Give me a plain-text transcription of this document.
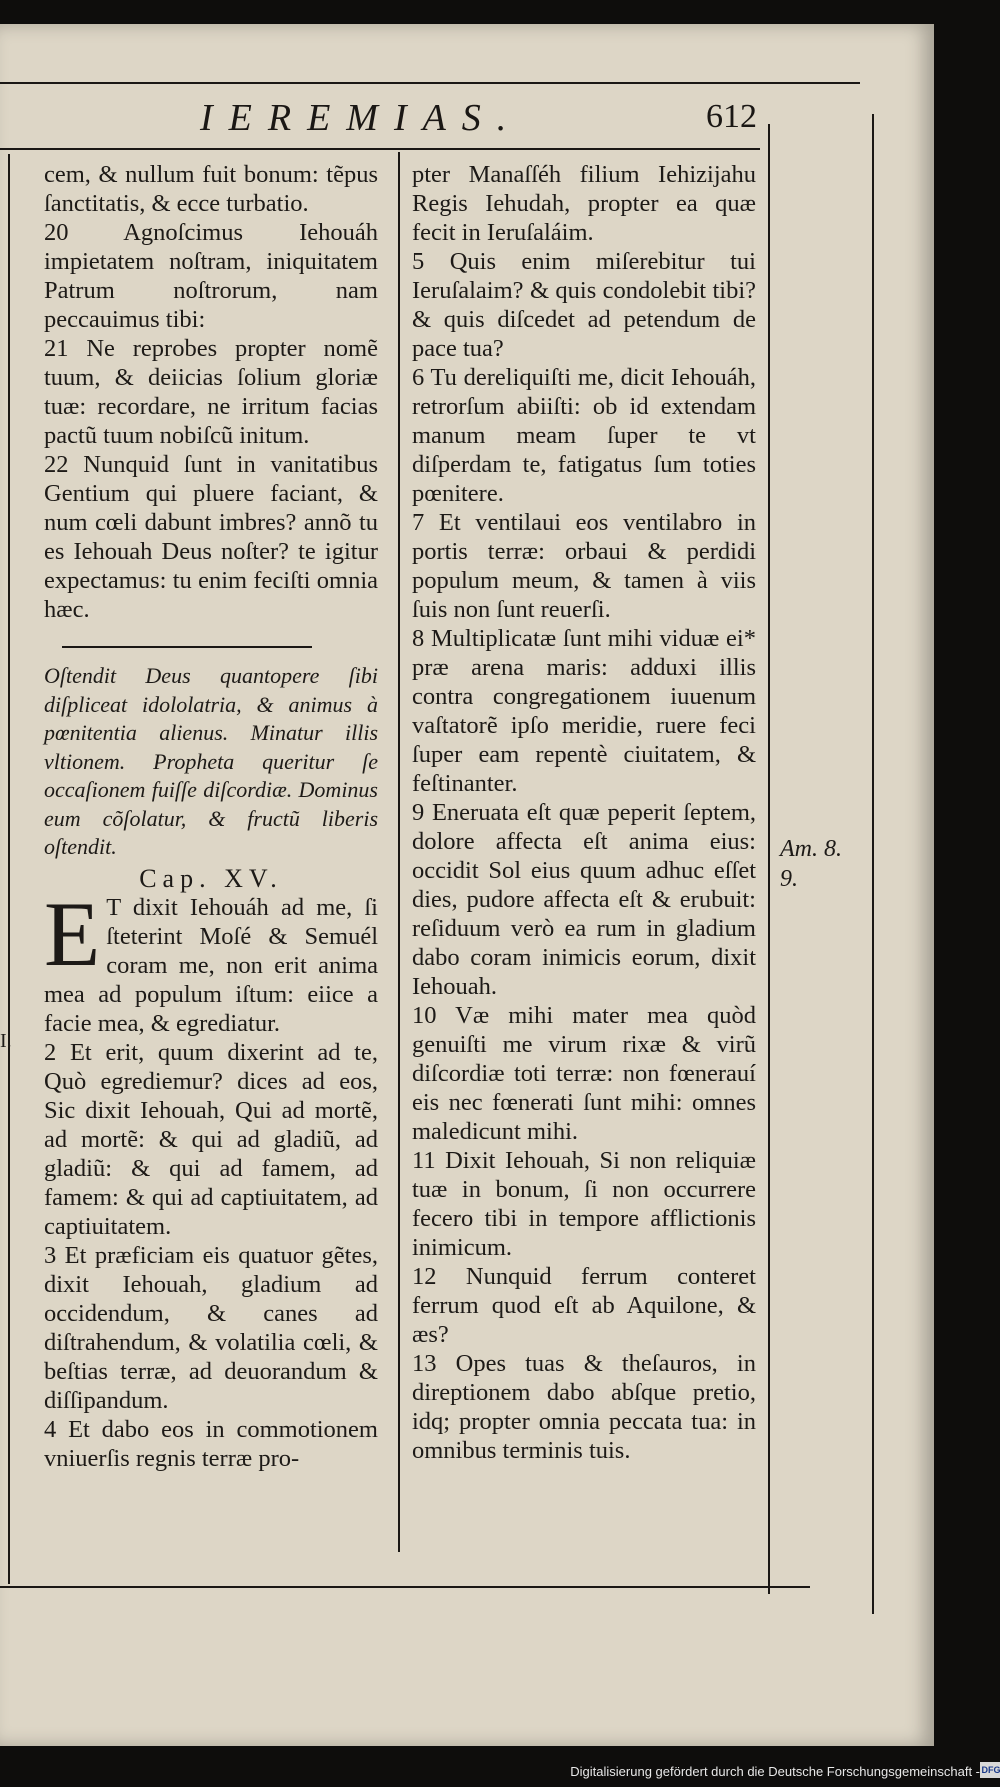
IEREMIAS.	612

cem, & nullum fuit bonum: tẽpus ſanctitatis, & ecce turbatio.

20 Agnoſcimus Iehouáh impietatem noſtram, iniquitatem Patrum noſtrorum, nam peccauimus tibi:

21 Ne reprobes propter nomẽ tuum, & deiicias ſolium gloriæ tuæ: recordare, ne irritum facias pactũ tuum nobiſcũ initum.

22 Nunquid ſunt in vanitatibus Gentium qui pluere faciant, & num cœli dabunt imbres? annõ tu es Iehouah Deus noſter? te igitur expectamus: tu enim feciſti omnia hæc.

Oſtendit Deus quantopere ſibi diſpliceat idololatria, & animus à pœnitentia alienus. Minatur illis vltionem. Propheta queritur ſe occaſionem fuiſſe diſcordiæ. Dominus eum cõſolatur, & fructũ liberis oſtendit.

Cap. XV.

E T dixit Iehouáh ad me, ſi ſteterint Moſé & Semuél coram me, non erit anima mea ad populum iſtum: eiice a facie mea, & egrediatur.

2 Et erit, quum dixerint ad te, Quò egrediemur? dices ad eos, Sic dixit Iehouah, Qui ad mortẽ, ad mortẽ: & qui ad gladiũ, ad gladiũ: & qui ad famem, ad famem: & qui ad captiuitatem, ad captiuitatem.

3 Et præficiam eis quatuor gẽtes, dixit Iehouah, gladium ad occidendum, & canes ad diſtrahendum, & volatilia cœli, & beſtias terræ, ad deuorandum & diſſipandum.

4 Et dabo eos in commotionem vniuerſis regnis terræ pro-

pter Manaſſéh filium Iehizijahu Regis Iehudah, propter ea quæ fecit in Ieruſaláim.

5 Quis enim miſerebitur tui Ieruſalaim? & quis condolebit tibi? & quis diſcedet ad petendum de pace tua?

6 Tu dereliquiſti me, dicit Iehouáh, retrorſum abiiſti: ob id extendam manum meam ſuper te vt diſperdam te, fatigatus ſum toties pœnitere.

7 Et ventilaui eos ventilabro in portis terræ: orbaui & perdidi populum meum, & tamen à viis ſuis non ſunt reuerſi.

8 Multiplicatæ ſunt mihi viduæ ei* præ arena maris: adduxi illis contra congregationem iuuenum vaſtatorẽ ipſo meridie, ruere feci ſuper eam repentè ciuitatem, & feſtinanter.

9 Eneruata eſt quæ peperit ſeptem, dolore affecta eſt anima eius: occidit Sol eius quum adhuc eſſet dies, pudore affecta eſt & erubuit: reſiduum verò ea rum in gladium dabo coram inimicis eorum, dixit Iehouah.

10 Væ mihi mater mea quòd genuiſti me virum rixæ & virũ diſcordiæ toti terræ: non fœnerauí eis nec fœnerati ſunt mihi: omnes maledicunt mihi.

11 Dixit Iehouah, Si non reliquiæ tuæ in bonum, ſi non occurrere fecero tibi in tempore afflictionis inimicum.

12 Nunquid ferrum conteret ferrum quod eſt ab Aquilone, & æs?

13 Opes tuas & theſauros, in direptionem dabo abſque pretio, idq; propter omnia peccata tua: in omnibus terminis tuis.

Am. 8.
9.
I.
Digitalisierung gefördert durch die Deutsche Forschungsgemeinschaft - DFG
